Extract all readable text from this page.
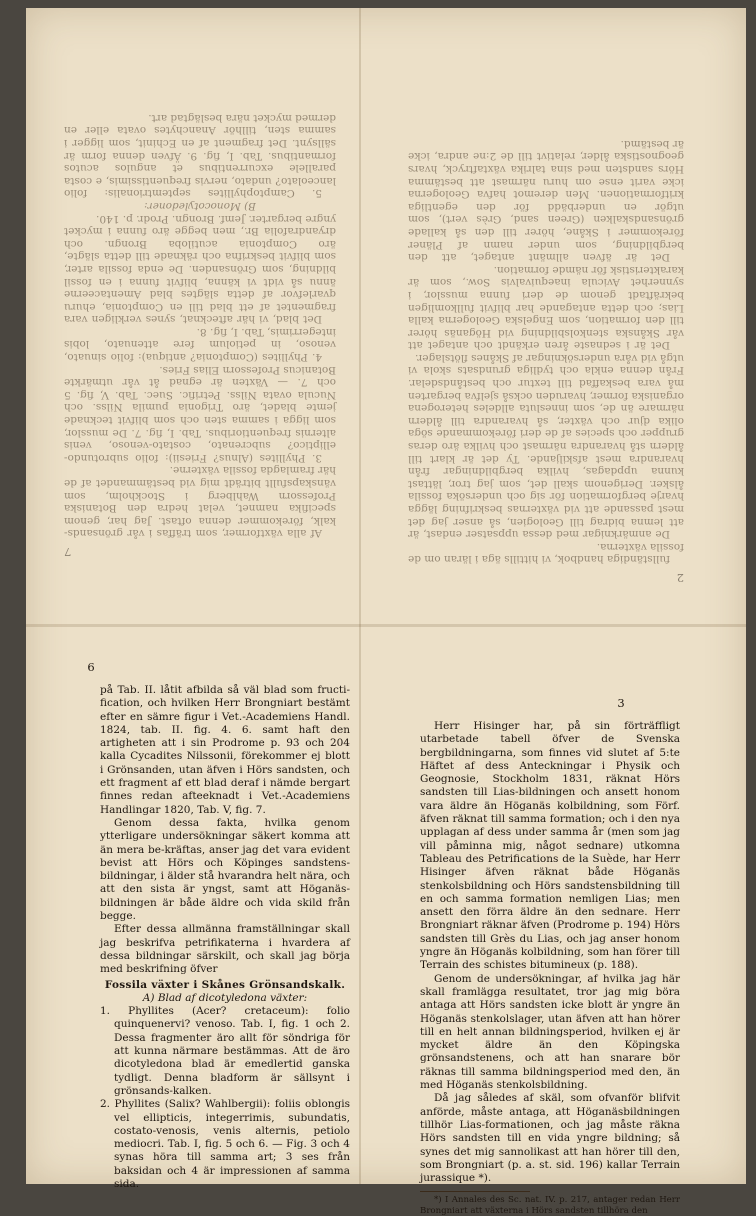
7

Af alla växtformer, som träffas i vår grönsands-kalk, förekommer denna oftast. Jag har, genom specifika namnet, velat hedra den Botaniska Professorn Wahlberg i Stockholm, som vänskapsfullt biträdt mig vid bestämmandet af de här framlagda fossila växterne.

3. Phyllites (Alnus? Friesii): folio subrotundo-elliptico? subcrenato, costato-venoso, venis alternis frequentioribus. Tab. I, fig. 7. De musslor, som ligga i samma sten och som blifvit tecknade jemte bladet, äro Trigonia pumila Nilss. och Nucula ovata Nilss. Petrific. Suec. Tab. V, fig. 5 och 7. — Växten är egnad åt vår utmärkte Botanicus Professorn Elias Fries.

4. Phyllites (Comptonia? antiqua): folio sinuato, venoso, in petiolum fere attenuato, lobis integerrimis, Tab. I, fig. 8.

Det blad, vi här aftecknat, synes verkligen vara fragmentet af ett blad till en Comptonia, ehuru qvarlefvor af detta slägtes blad Amentaceerne ännu så vidt vi känna, blifvit funna i en fossil bildning, som Grönsanden. De enda fossila arter, som blifvit beskrifna och räknade till detta slägte, äro Comptonia acutiloba Brongn. och dryandrafolia Br., men begge äro funna i mycket yngre bergarter. Jemf. Brongn. Prodr. p. 140.

B) Monocotyledoner:

5. Camptophyllites septemtrionalis: folio lanceolato? undato, nervis frequentissimis, e costa parallele excurrentibus et angulos acutos formantibus. Tab. I, fig. 9. Äfven denna form är sällsynt. Det fragment af en Echinit, som ligger i samma sten, tillhör Ananchytes ovata eller en dermed mycket nära beslägtad art.

2

fullständiga handbok, vi hittills äga i läran om de fossila växterna.

De anmärknigar med dessa uppsatser endast, är att lemna bidrag till Geologien, så anser jag det mest passande att vid växternas beskrifning lägga hvarje bergformation för sig och undersöka fossila ålsker. Derigenom skall det, som jag tror, lättast kunna uppdagas, hvilka bergbildningar från hvarandra mest afskiljande. Ty det är klart till åldern stå hvarandra närmast och hvilka äro deras grupper och species af de deri förekommande söga olika djur och växter, så hvarandra till åldern närmare än de, som innesluta alldeles heterogena organiska former, hvaruden också sjelfva bergarten må vara beskaffad till textur och beståndsdelar. Från denna enkla och tydliga grundsats skola vi utgå vid våra undersökningar af Skånes flötslager.

Det är i sednaste åren erkändt och antaget att vår Skånska stenkolsbildning vid Höganäs hörer till den formation, som Engelska Geologerna kalla Lias; och detta antagande har blifvit fullkomligen bekräftadt genom de deri funna musslor, i synnerhet Avicula inaequivalvis Sow., som är karakteristisk för nämde formation.

Det är äfven allmänt antaget, att den bergbildning, som under namn af Pläner förekommer i Skåne, hörer till den så kallade grönsandskalken (Green sand, Grès vert), som utgör en underbädd för den egentliga kritformationen. Men deremot hafva Geologerna icke varit ense om huru närmast att bestämma Hörs sandsten med sina talrika växtaftryck, hvars geognostiska ålder, relativt till de 2:ne andra, icke är bestämd.

6
3

på Tab. II. låtit afbilda så väl blad som fructi-fication, och hvilken Herr Brongniart bestämt efter en sämre figur i Vet.-Academiens Handl. 1824, tab. II. fig. 4. 6. samt haft den artigheten att i sin Prodrome p. 93 och 204 kalla Cycadites Nilssonii, förekommer ej blott i Grönsanden, utan äfven i Hörs sandsten, och ett fragment af ett blad deraf i nämde bergart finnes redan afteeknadt i Vet.-Academiens Handlingar 1820, Tab. V, fig. 7.

Genom dessa fakta, hvilka genom ytterligare undersökningar säkert komma att än mera be-kräftas, anser jag det vara evident bevist att Hörs och Köpinges sandstens-bildningar, i älder stå hvarandra helt nära, och att den sista är yngst, samt att Höganäs-bildningen är både äldre och vida skild från begge.

Efter dessa allmänna framställningar skall jag beskrifva petrifikaterna i hvardera af dessa bildningar särskilt, och skall jag börja med beskrifning öfver

Fossila växter i Skånes Grönsandskalk.

A) Blad af dicotyledona växter:

1. Phyllites (Acer? cretaceum): folio quinquenervi? venoso. Tab. I, fig. 1 och 2. Dessa fragmenter äro allt för söndriga för att kunna närmare bestämmas. Att de äro dicotyledona blad är emedlertid ganska tydligt. Denna bladform är sällsynt i grönsands-kalken.

2. Phyllites (Salix? Wahlbergii): foliis oblongis vel ellipticis, integerrimis, subundatis, costato-venosis, venis alternis, petiolo mediocri. Tab. I, fig. 5 och 6. — Fig. 3 och 4 synas höra till samma art; 3 ses från baksidan och 4 är impressionen af samma sida.

Herr Hisinger har, på sin förträffligt utarbetade tabell öfver de Svenska bergbildningarna, som finnes vid slutet af 5:te Häftet af dess Anteckningar i Physik och Geognosie, Stockholm 1831, räknat Hörs sandsten till Lias-bildningen och ansett honom vara äldre än Höganäs kolbildning, som Förf. äfven räknat till samma formation; och i den nya upplagan af dess under samma år (men som jag vill påminna mig, något sednare) utkomna Tableau des Petrifications de la Suède, har Herr Hisinger äfven räknat både Höganäs stenkolsbildning och Hörs sandstensbildning till en och samma formation nemligen Lias; men ansett den förra äldre än den sednare. Herr Brongniart räknar äfven (Prodrome p. 194) Hörs sandsten till Grès du Lias, och jag anser honom yngre än Höganäs kolbildning, som han förer till Terrain des schistes bitumineux (p. 188).

Genom de undersökningar, af hvilka jag här skall framlägga resultatet, tror jag mig böra antaga att Hörs sandsten icke blott är yngre än Höganäs stenkolslager, utan äfven att han hörer till en helt annan bildningsperiod, hvilken ej är mycket äldre än den Köpingska grönsandstenens, och att han snarare bör räknas till samma bildningsperiod med den, än med Höganäs stenkolsbildning.

Då jag således af skäl, som ofvanför blifvit anförde, måste antaga, att Höganäsbildningen tillhör Lias-formationen, och jag måste räkna Hörs sandsten till en vida yngre bildning; så synes det mig sannolikast att han hörer till den, som Brongniart (p. a. st. sid. 196) kallar Terrain jurassique *).

*) I Annales des Sc. nat. IV. p. 217, antager redan Herr Brongniart att växterna i Hörs sandsten tillhöra den
